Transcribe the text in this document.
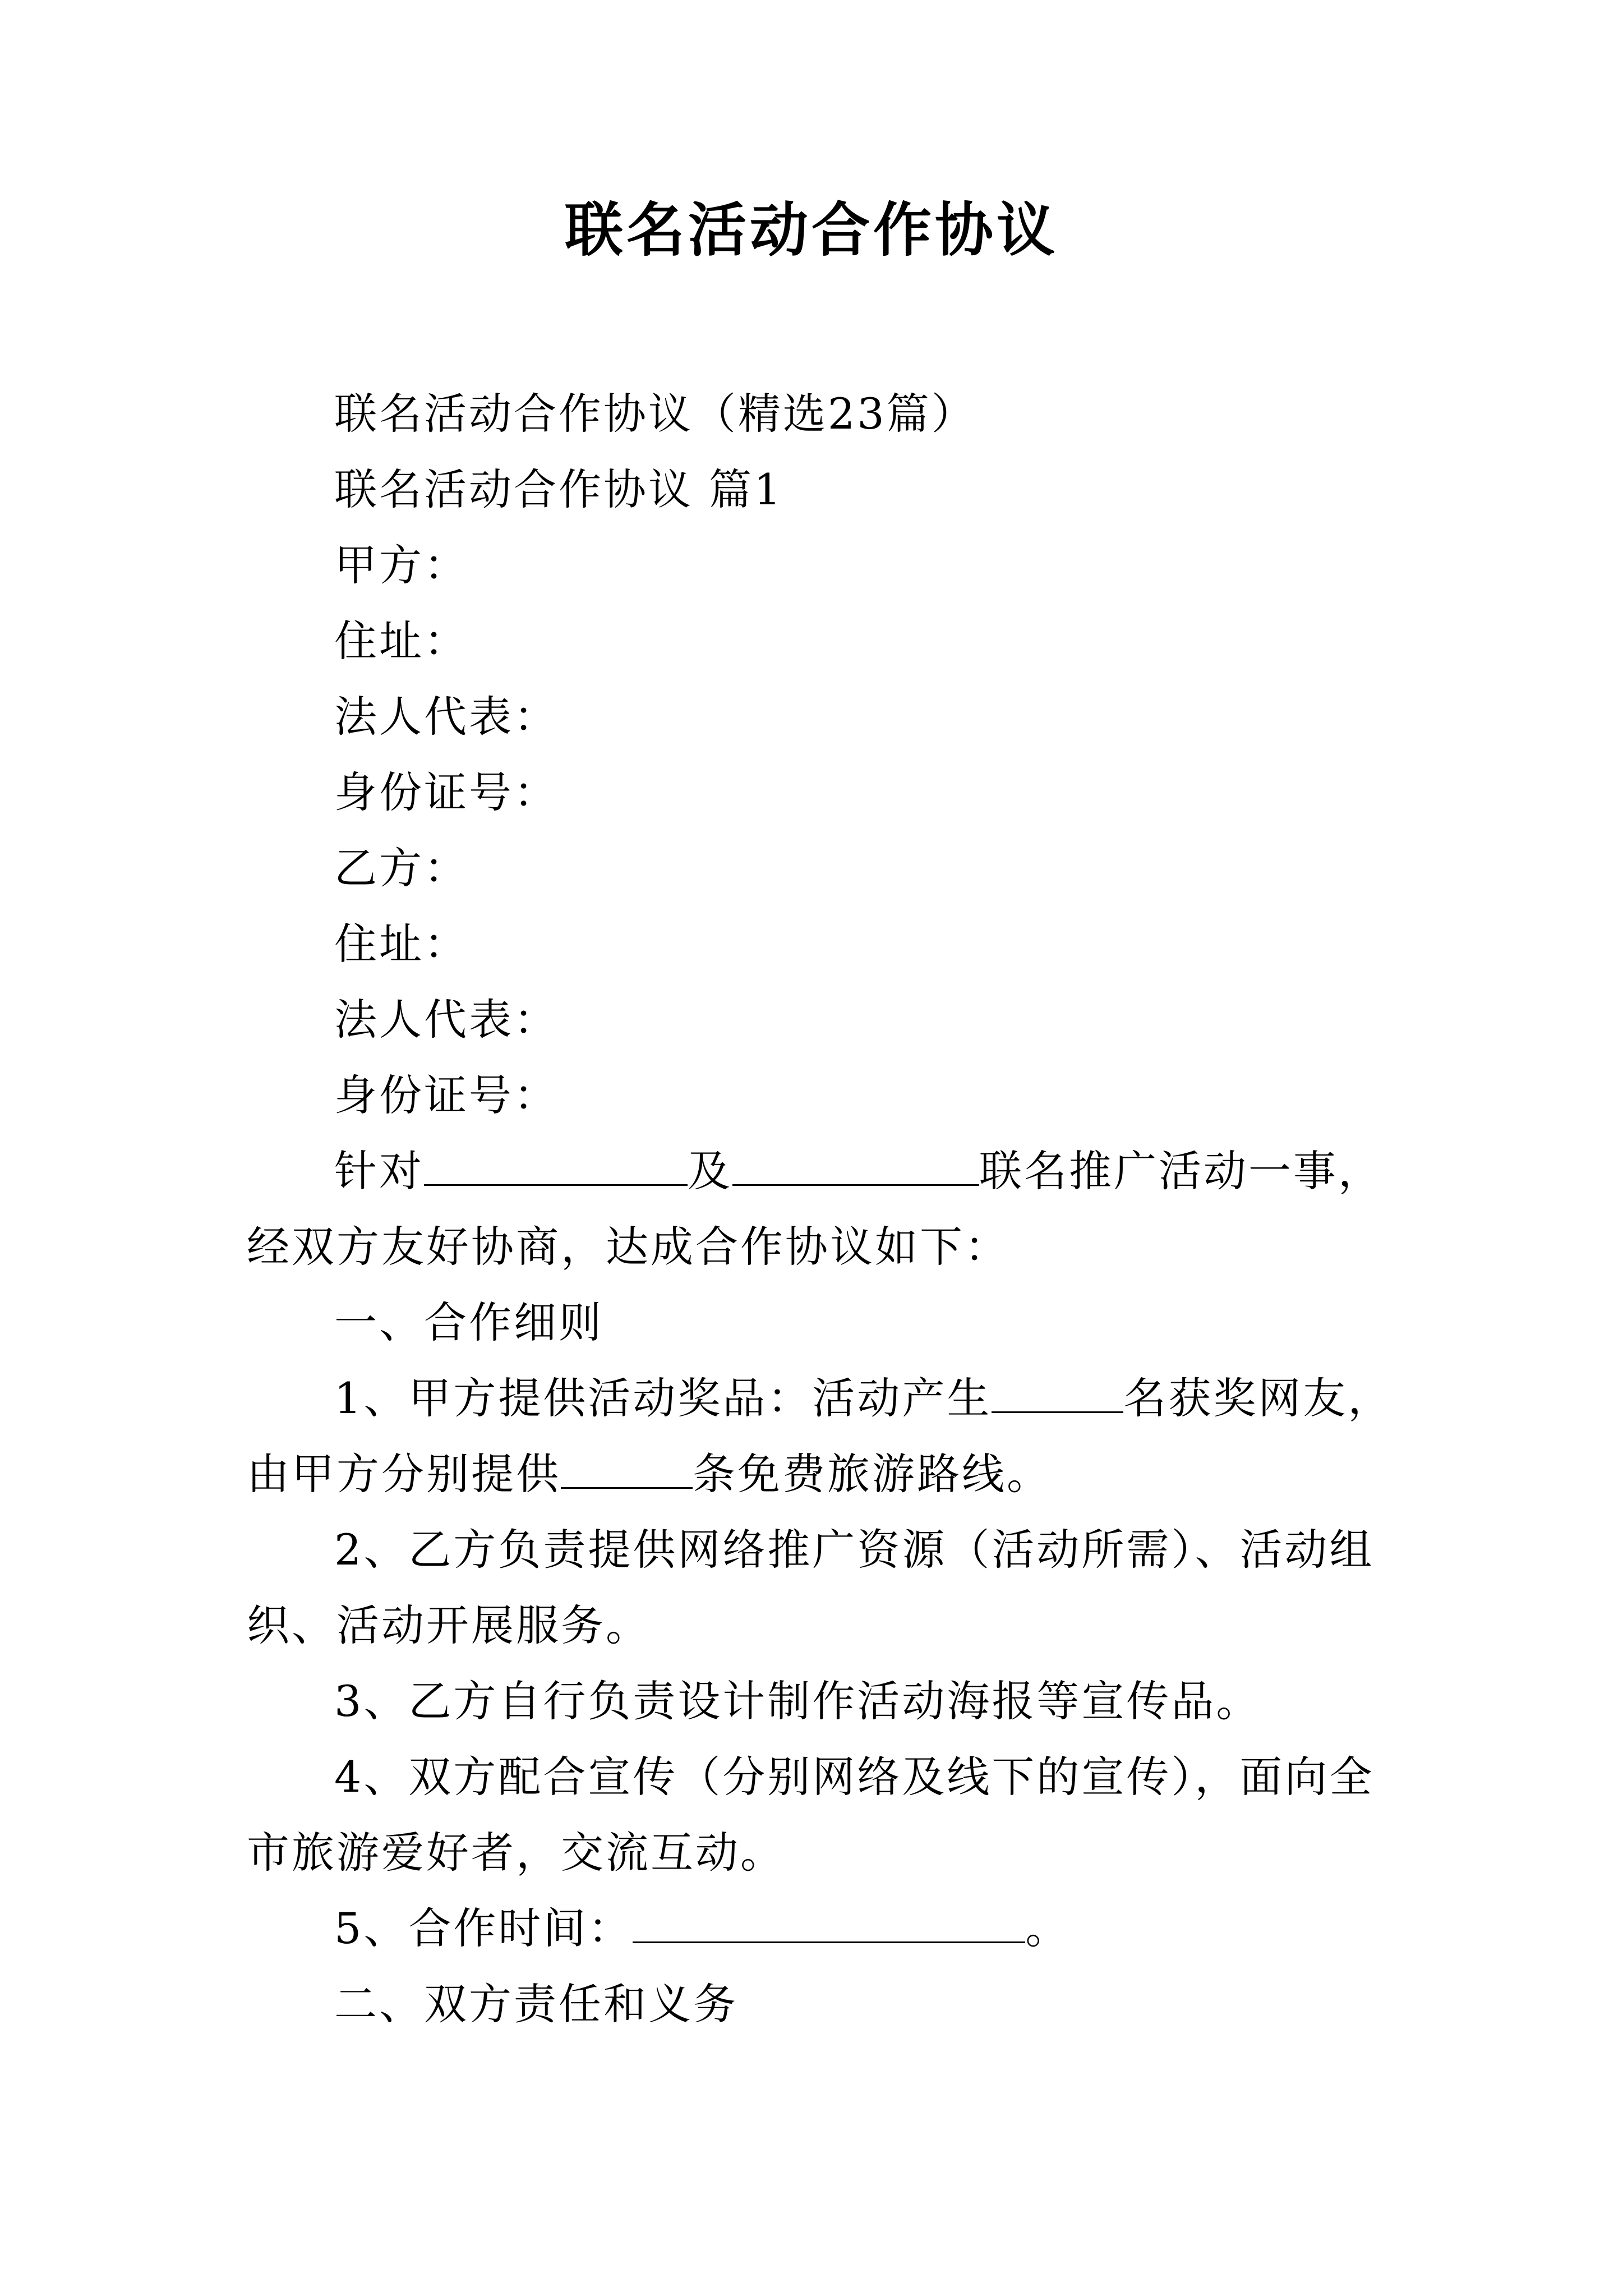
联名活动合作协议

联名活动合作协议（精选23篇）

联名活动合作协议 篇1

甲方：

住址：

法人代表：

身份证号：

乙方：

住址：

法人代表：

身份证号：

针对	及	联名推广活动一事，经双方友好协商，达成合作协议如下：

一、合作细则

1、甲方提供活动奖品：活动产生	名获奖网友，由甲方分别提供	条免费旅游路线。

2、乙方负责提供网络推广资源（活动所需）、活动组织、活动开展服务。

3、乙方自行负责设计制作活动海报等宣传品。

4、双方配合宣传（分别网络及线下的宣传），面向全市旅游爱好者，交流互动。

5、合作时间：	。

二、双方责任和义务
